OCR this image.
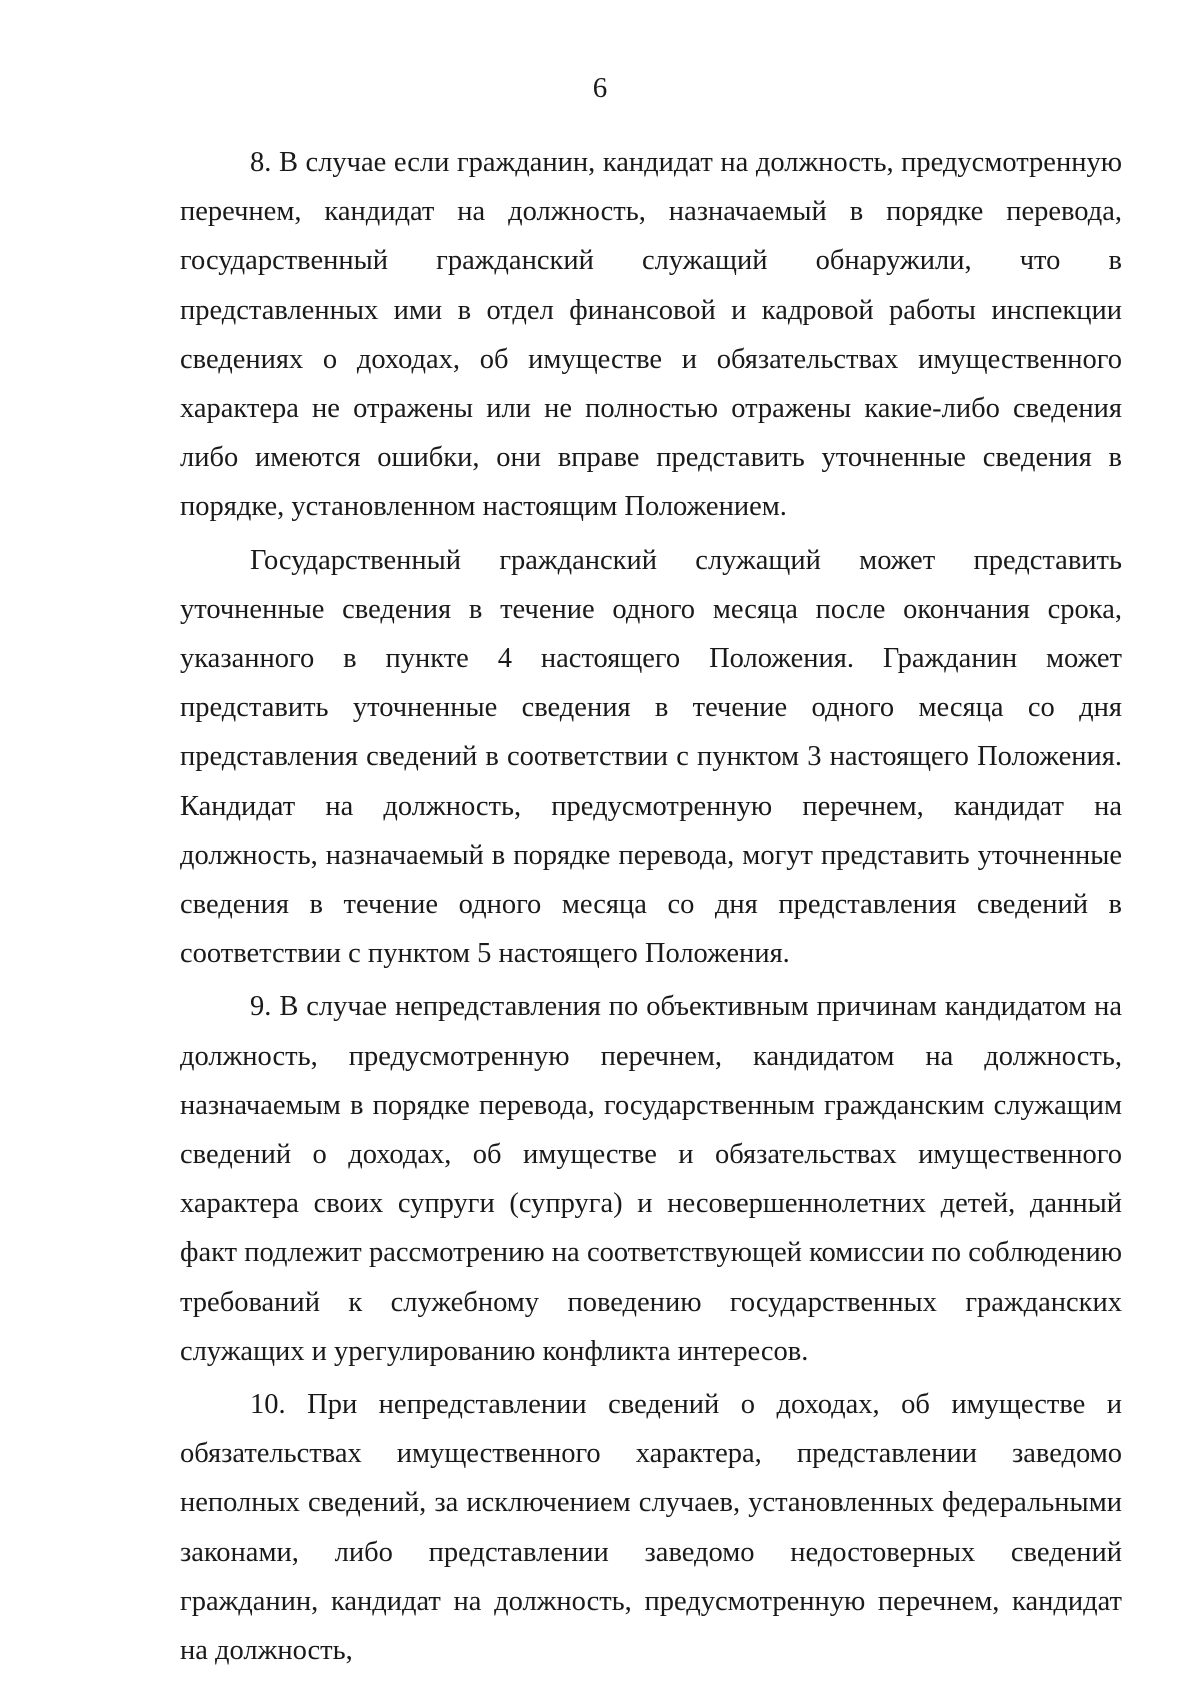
6

8. В случае если гражданин, кандидат на должность, предусмотренную перечнем, кандидат на должность, назначаемый в порядке перевода, государственный гражданский служащий обнаружили, что в представленных ими в отдел финансовой и кадровой работы инспекции сведениях о доходах, об имуществе и обязательствах имущественного характера не отражены или не полностью отражены какие-либо сведения либо имеются ошибки, они вправе представить уточненные сведения в порядке, установленном настоящим Положением.

Государственный гражданский служащий может представить уточненные сведения в течение одного месяца после окончания срока, указанного в пункте 4 настоящего Положения. Гражданин может представить уточненные сведения в течение одного месяца со дня представления сведений в соответствии с пунктом 3 настоящего Положения. Кандидат на должность, предусмотренную перечнем, кандидат на должность, назначаемый в порядке перевода, могут представить уточненные сведения в течение одного месяца со дня представления сведений в соответствии с пунктом 5 настоящего Положения.

9. В случае непредставления по объективным причинам кандидатом на должность, предусмотренную перечнем, кандидатом на должность, назначаемым в порядке перевода, государственным гражданским служащим сведений о доходах, об имуществе и обязательствах имущественного характера своих супруги (супруга) и несовершеннолетних детей, данный факт подлежит рассмотрению на соответствующей комиссии по соблюдению требований к служебному поведению государственных гражданских служащих и урегулированию конфликта интересов.

10. При непредставлении сведений о доходах, об имуществе и обязательствах имущественного характера, представлении заведомо неполных сведений, за исключением случаев, установленных федеральными законами, либо представлении заведомо недостоверных сведений гражданин, кандидат на должность, предусмотренную перечнем, кандидат на должность,
